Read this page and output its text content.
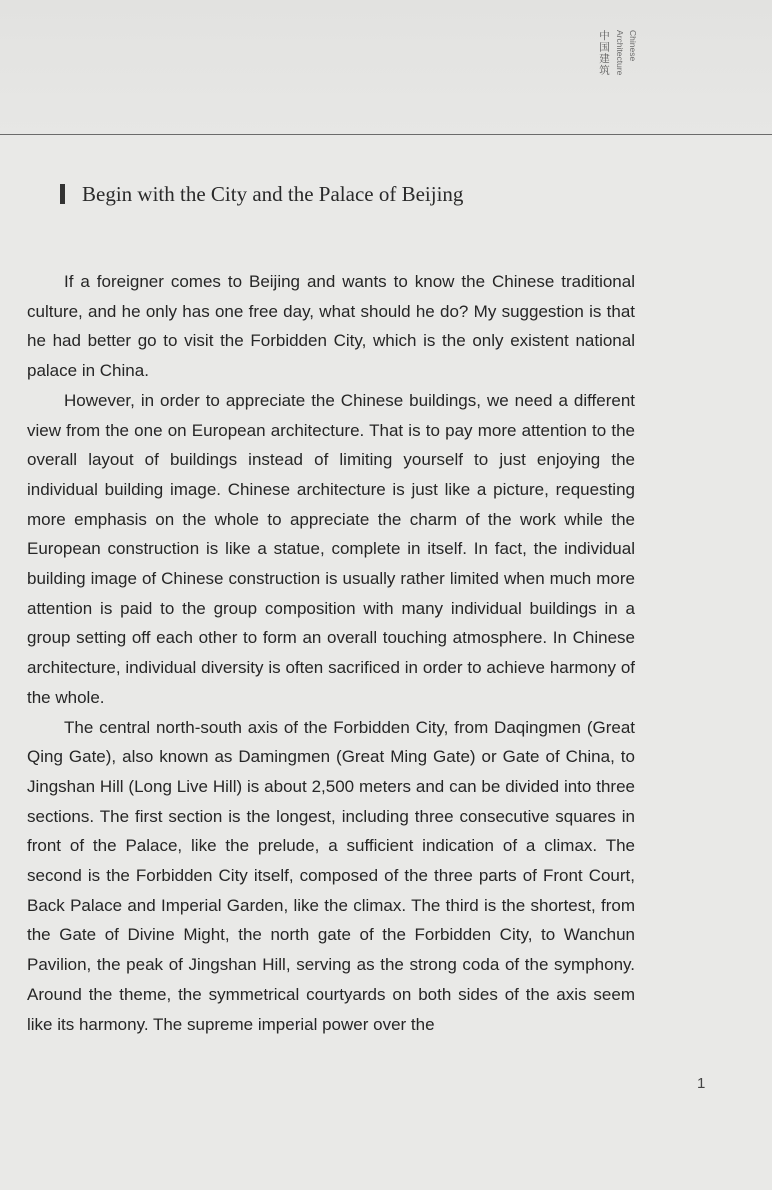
中国建筑 Architecture Chinese
Begin with the City and the Palace of Beijing

If a foreigner comes to Beijing and wants to know the Chinese traditional culture, and he only has one free day, what should he do? My suggestion is that he had better go to visit the Forbidden City, which is the only existent national palace in China.

However, in order to appreciate the Chinese buildings, we need a different view from the one on European architecture. That is to pay more attention to the overall layout of buildings instead of limiting yourself to just enjoying the individual building image. Chinese architecture is just like a picture, requesting more emphasis on the whole to appreciate the charm of the work while the European construction is like a statue, complete in itself. In fact, the individual building image of Chinese construction is usually rather limited when much more attention is paid to the group composition with many individual buildings in a group setting off each other to form an overall touching atmosphere. In Chinese architecture, individual diversity is often sacrificed in order to achieve harmony of the whole.

The central north-south axis of the Forbidden City, from Daqingmen (Great Qing Gate), also known as Damingmen (Great Ming Gate) or Gate of China, to Jingshan Hill (Long Live Hill) is about 2,500 meters and can be divided into three sections. The first section is the longest, including three consecutive squares in front of the Palace, like the prelude, a sufficient indication of a climax. The second is the Forbidden City itself, composed of the three parts of Front Court, Back Palace and Imperial Garden, like the climax. The third is the shortest, from the Gate of Divine Might, the north gate of the Forbidden City, to Wanchun Pavilion, the peak of Jingshan Hill, serving as the strong coda of the symphony. Around the theme, the symmetrical courtyards on both sides of the axis seem like its harmony. The supreme imperial power over the

1
